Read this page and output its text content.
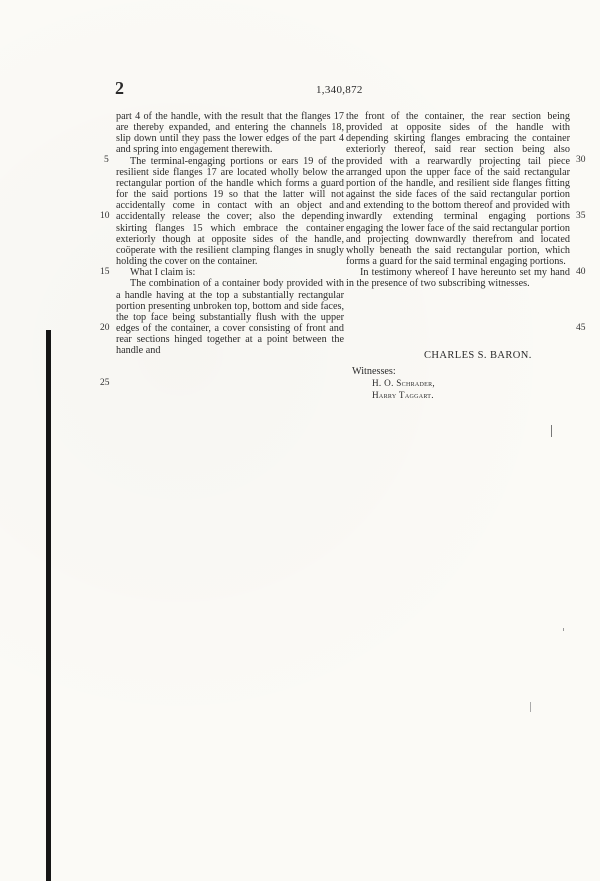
2	1,340,872

part 4 of the handle, with the result that the flanges 17 are thereby expanded, and entering the channels 18, slip down until they pass the lower edges of the part 4 and spring into engagement therewith.

The terminal-engaging portions or ears 19 of the resilient side flanges 17 are located wholly below the rectangular portion of the handle which forms a guard for the said portions 19 so that the latter will not accidentally come in contact with an object and accidentally release the cover; also the depending skirting flanges 15 which embrace the container exteriorly though at opposite sides of the handle, coöperate with the resilient clamping flanges in snugly holding the cover on the container.

What I claim is:

The combination of a container body provided with a handle having at the top a substantially rectangular portion presenting unbroken top, bottom and side faces, the top face being substantially flush with the upper edges of the container, a cover consisting of front and rear sections hinged together at a point between the handle and

the front of the container, the rear section being provided at opposite sides of the handle with depending skirting flanges embracing the container exteriorly thereof, said rear section being also provided with a rearwardly projecting tail piece arranged upon the upper face of the said rectangular portion of the handle, and resilient side flanges fitting against the side faces of the said rectangular portion and extending to the bottom thereof and provided with inwardly extending terminal engaging portions engaging the lower face of the said rectangular portion and projecting downwardly therefrom and located wholly beneath the said rectangular portion, which forms a guard for the said terminal engaging portions.

In testimony whereof I have hereunto set my hand in the presence of two subscribing witnesses.

5
10
15
20
25
30
35
40
45
CHARLES S. BARON.
Witnesses:
H. O. Schrader,
Harry Taggart.
